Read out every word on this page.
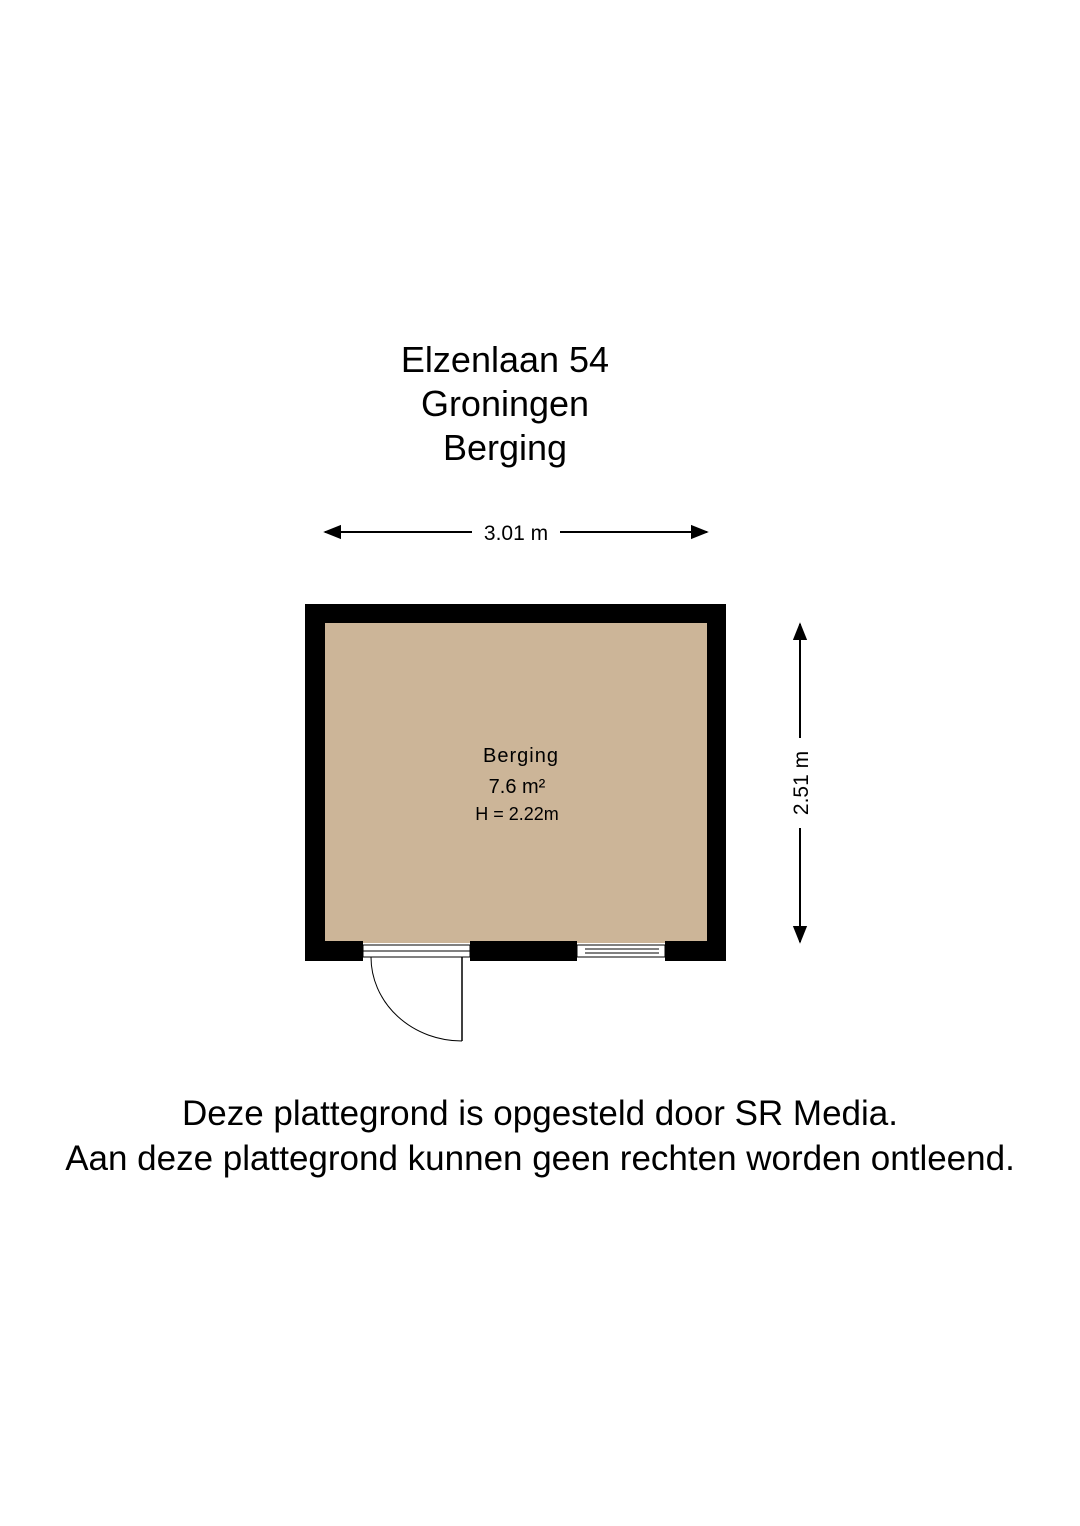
Elzenlaan 54
Groningen
Berging
3.01 m
2.51 m
Berging
7.6 m²
H = 2.22m
Deze plattegrond is opgesteld door SR Media.
Aan deze plattegrond kunnen geen rechten worden ontleend.
